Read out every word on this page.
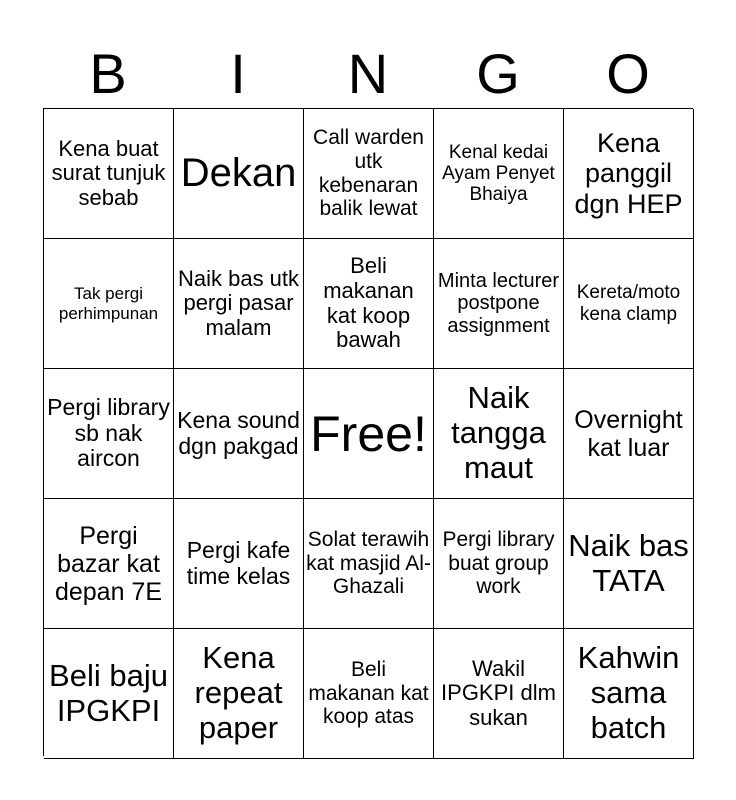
B	I	N	G	O
Kena buat surat tunjuk sebab
Dekan
Call warden utk kebenaran balik lewat
Kenal kedai Ayam Penyet Bhaiya
Kena panggil dgn HEP
Tak pergi perhimpunan
Naik bas utk pergi pasar malam
Beli makanan kat koop bawah
Minta lecturer postpone assignment
Kereta/moto kena clamp
Pergi library sb nak aircon
Kena sound dgn pakgad Free!
Naik tangga maut
Overnight kat luar
Pergi bazar kat depan 7E
Pergi kafe time kelas
Solat terawih kat masjid Al-Ghazali
Pergi library buat group work
Naik bas TATA
Beli baju IPGKPI
Kena repeat paper
Beli makanan kat koop atas
Wakil IPGKPI dlm sukan
Kahwin sama batch
